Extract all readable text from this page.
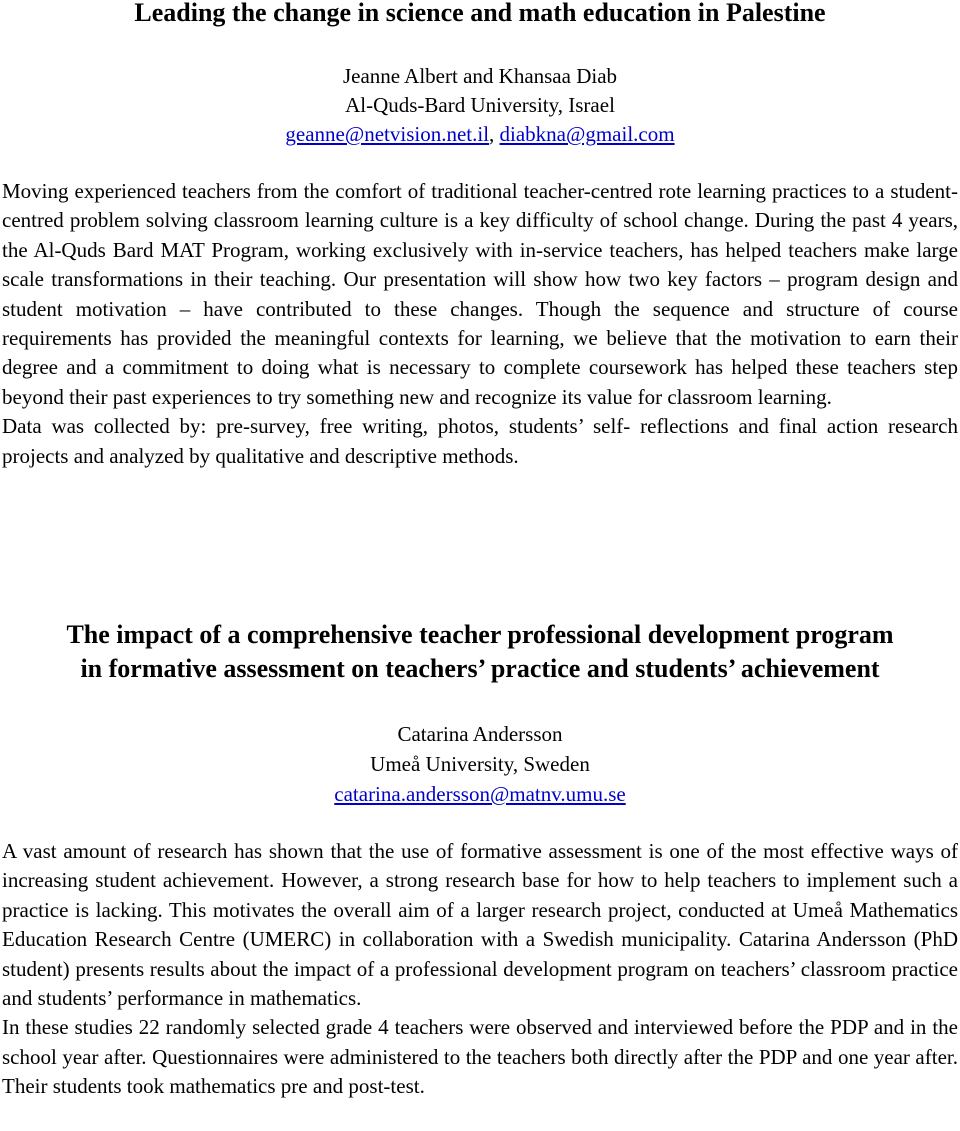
Leading the change in science and math education in Palestine
Jeanne Albert and Khansaa Diab
Al-Quds-Bard University, Israel
geanne@netvision.net.il, diabkna@gmail.com

Moving experienced teachers from the comfort of traditional teacher-centred rote learning practices to a student-centred problem solving classroom learning culture is a key difficulty of school change. During the past 4 years, the Al-Quds Bard MAT Program, working exclusively with in-service teachers, has helped teachers make large scale transformations in their teaching. Our presentation will show how two key factors – program design and student motivation – have contributed to these changes. Though the sequence and structure of course requirements has provided the meaningful contexts for learning, we believe that the motivation to earn their degree and a commitment to doing what is necessary to complete coursework has helped these teachers step beyond their past experiences to try something new and recognize its value for classroom learning.

Data was collected by: pre-survey, free writing, photos, students’ self- reflections and final action research projects and analyzed by qualitative and descriptive methods.

The impact of a comprehensive teacher professional development program
in formative assessment on teachers’ practice and students’ achievement
Catarina Andersson
Umeå University, Sweden
catarina.andersson@matnv.umu.se

A vast amount of research has shown that the use of formative assessment is one of the most effective ways of increasing student achievement. However, a strong research base for how to help teachers to implement such a practice is lacking. This motivates the overall aim of a larger research project, conducted at Umeå Mathematics Education Research Centre (UMERC) in collaboration with a Swedish municipality. Catarina Andersson (PhD student) presents results about the impact of a professional development program on teachers’ classroom practice and students’ performance in mathematics.

In these studies 22 randomly selected grade 4 teachers were observed and interviewed before the PDP and in the school year after. Questionnaires were administered to the teachers both directly after the PDP and one year after. Their students took mathematics pre and post-test.
